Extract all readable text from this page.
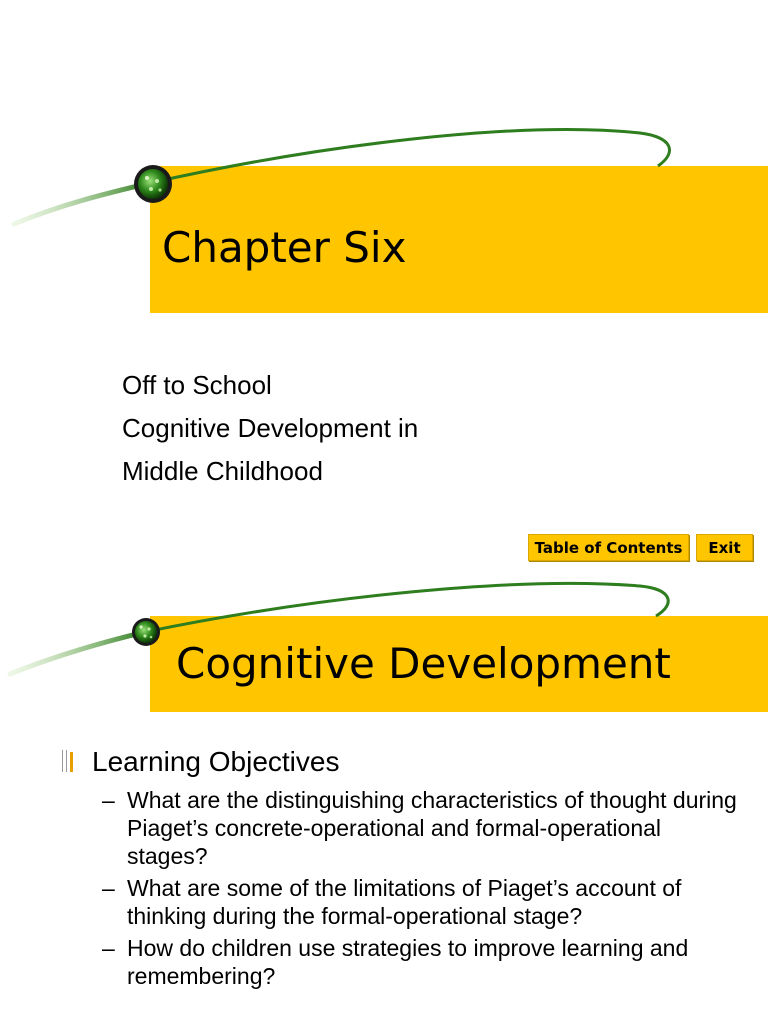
Chapter Six
Off to School
Cognitive Development in
Middle Childhood
Table of Contents	Exit
Cognitive Development
Learning Objectives
– What are the distinguishing characteristics of thought during Piaget’s concrete-operational and formal-operational stages?
– What are some of the limitations of Piaget’s account of thinking during the formal-operational stage?
– How do children use strategies to improve learning and remembering?
